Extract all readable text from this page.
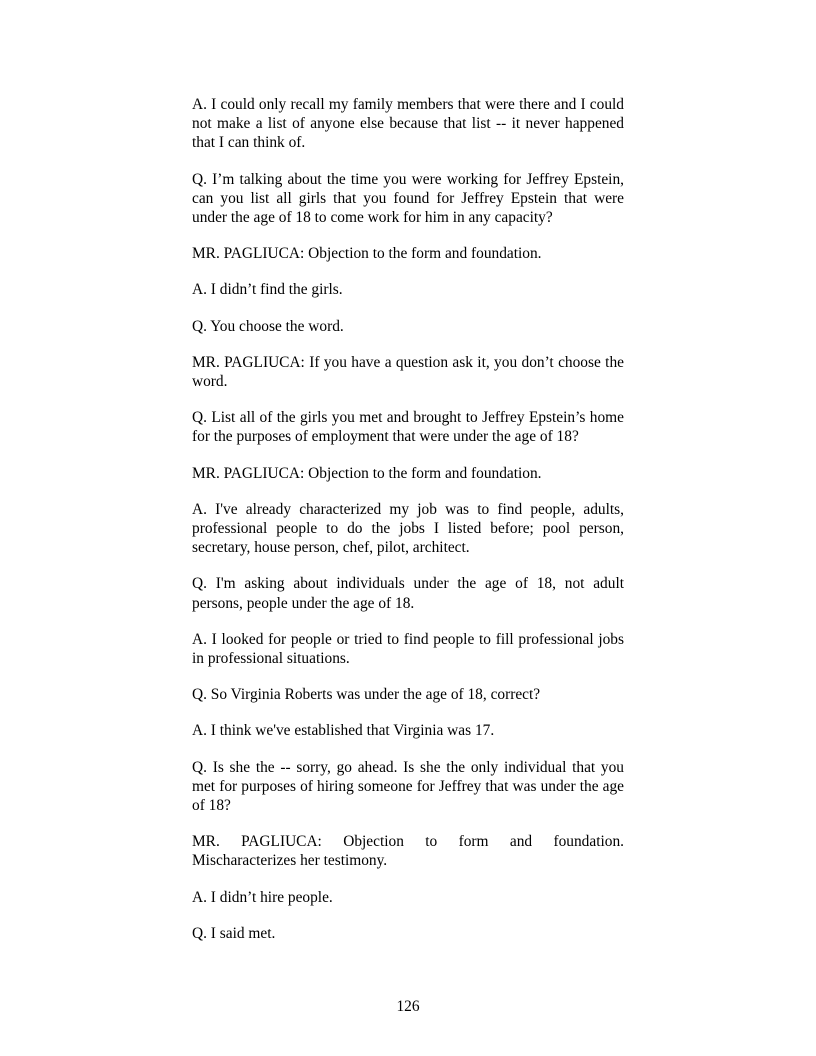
A. I could only recall my family members that were there and I could not make a list of anyone else because that list -- it never happened that I can think of.

Q. I’m talking about the time you were working for Jeffrey Epstein, can you list all girls that you found for Jeffrey Epstein that were under the age of 18 to come work for him in any capacity?

MR. PAGLIUCA: Objection to the form and foundation.

A. I didn’t find the girls.

Q. You choose the word.

MR. PAGLIUCA: If you have a question ask it, you don’t choose the word.

Q. List all of the girls you met and brought to Jeffrey Epstein’s home for the purposes of employment that were under the age of 18?

MR. PAGLIUCA: Objection to the form and foundation.

A. I've already characterized my job was to find people, adults, professional people to do the jobs I listed before; pool person, secretary, house person, chef, pilot, architect.

Q. I'm asking about individuals under the age of 18, not adult persons, people under the age of 18.

A. I looked for people or tried to find people to fill professional jobs in professional situations.

Q. So Virginia Roberts was under the age of 18, correct?

A. I think we've established that Virginia was 17.

Q. Is she the -- sorry, go ahead. Is she the only individual that you met for purposes of hiring someone for Jeffrey that was under the age of 18?

MR. PAGLIUCA: Objection to form and foundation. Mischaracterizes her testimony.

A. I didn’t hire people.

Q. I said met.

126
